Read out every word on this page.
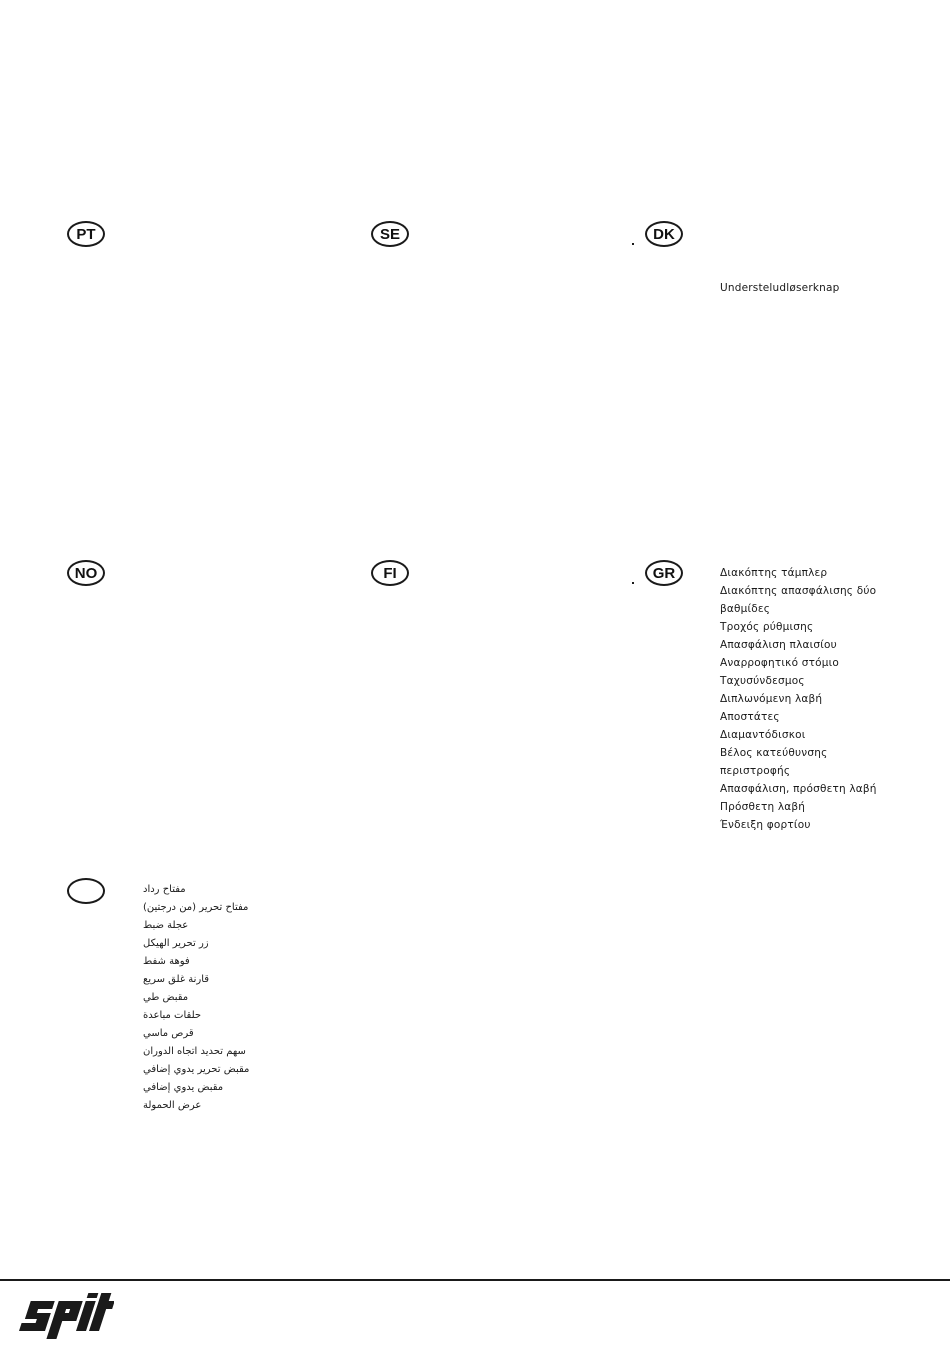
PT	SE	DK
Understeludløserknap
NO	FI	GR	Διακόπτης τάμπλερ
Διακόπτης απασφάλισης δύο
βαθμίδες
Τροχός ρύθμισης
Απασφάλιση πλαισίου
Αναρροφητικό στόμιο
Ταχυσύνδεσμος
Διπλωνόμενη λαβή
Αποστάτες
Διαμαντόδισκοι
Βέλος κατεύθυνσης
περιστροφής
Απασφάλιση, πρόσθετη λαβή
Πρόσθετη λαβή
Ένδειξη φορτίου
مفتاح رداد
مفتاح تحرير (من درجتين)
عجلة ضبط
زر تحرير الهيكل
فوهة شفط
قارنة غلق سريع
مقبض طي
حلقات مباعدة
قرص ماسي
سهم تحديد اتجاه الدوران
مقبض تحرير يدوي إضافي
مقبض يدوي إضافي
عرض الحمولة
